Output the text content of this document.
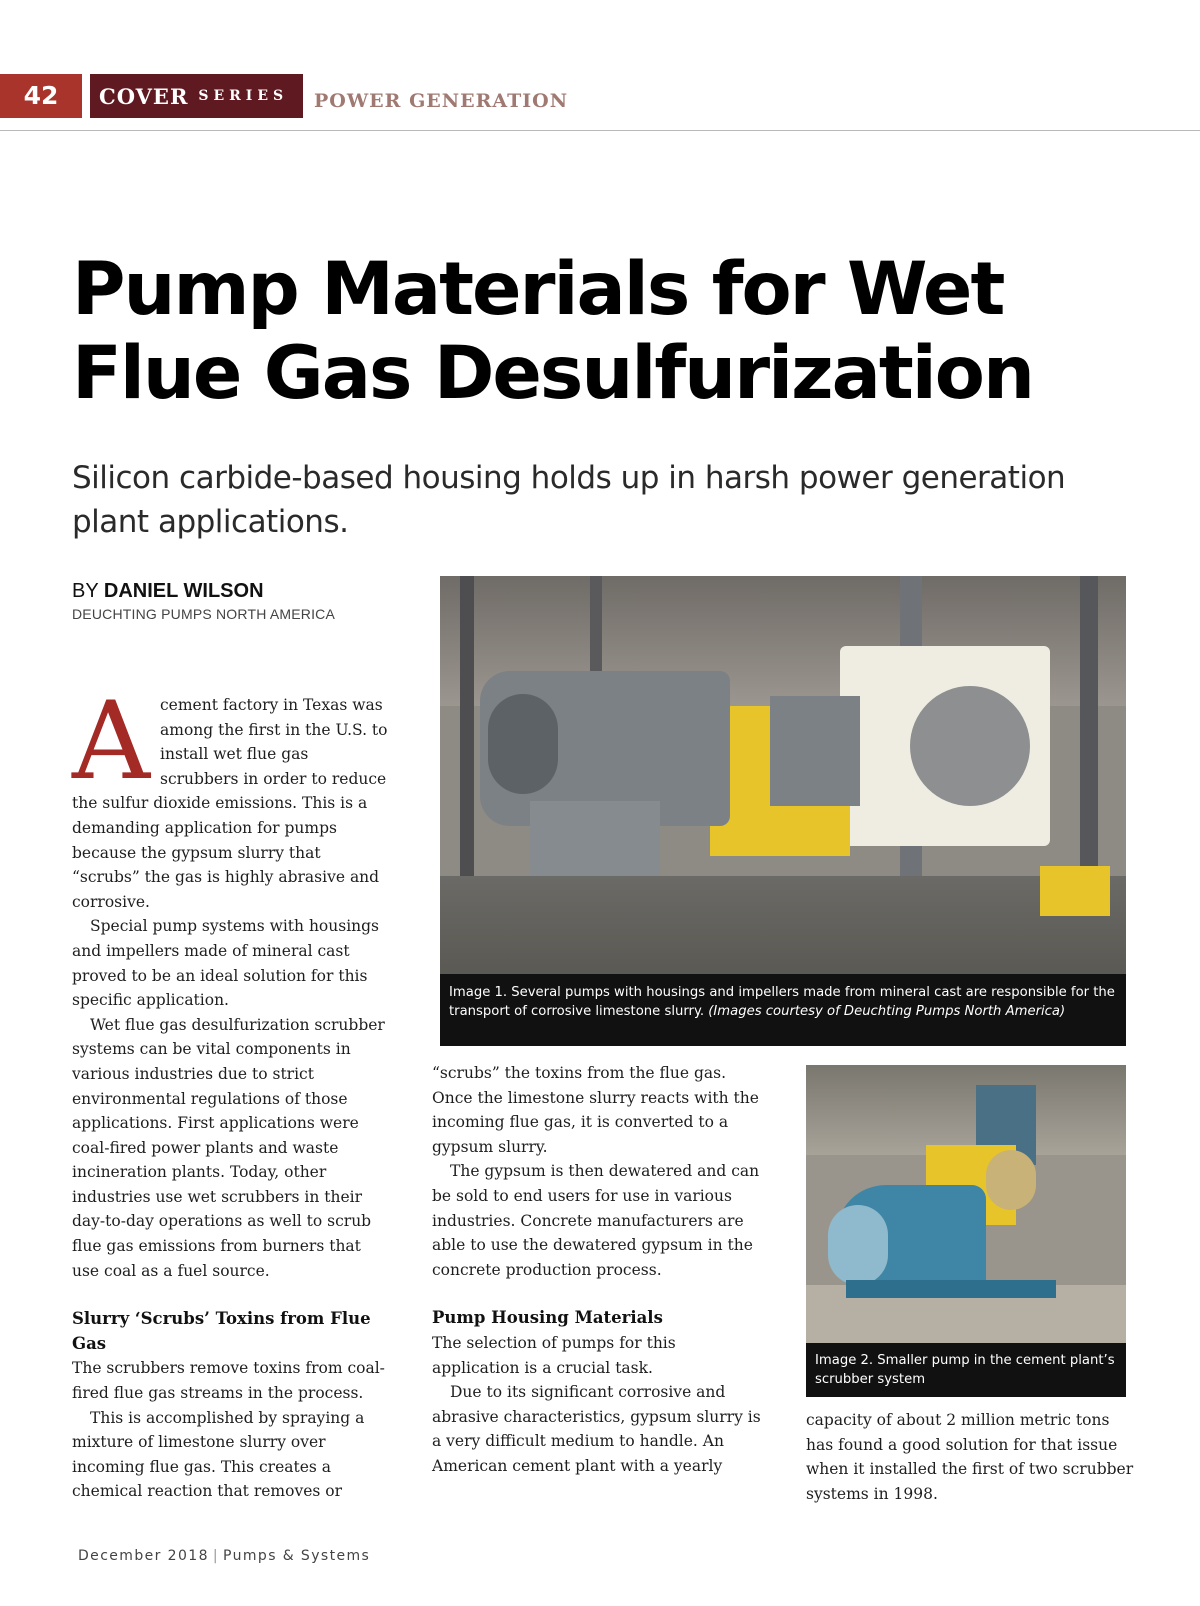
42	COVER SERIES POWER GENERATION
Pump Materials for Wet Flue Gas Desulfurization

Silicon carbide-based housing holds up in harsh power generation plant applications.

BY DANIEL WILSON
DEUCHTING PUMPS NORTH AMERICA

Acement factory in Texas was among the first in the U.S. to install wet flue gas scrubbers in order to reduce the sulfur dioxide emissions. This is a demanding application for pumps because the gypsum slurry that “scrubs” the gas is highly abrasive and corrosive.

Special pump systems with housings and impellers made of mineral cast proved to be an ideal solution for this specific application.

Wet flue gas desulfurization scrubber systems can be vital components in various industries due to strict environmental regulations of those applications. First applications were coal-fired power plants and waste incineration plants. Today, other industries use wet scrubbers in their day-to-day operations as well to scrub flue gas emissions from burners that use coal as a fuel source.

Slurry ‘Scrubs’ Toxins from Flue Gas

The scrubbers remove toxins from coal-fired flue gas streams in the process.

This is accomplished by spraying a mixture of limestone slurry over incoming flue gas. This creates a chemical reaction that removes or

Image 1. Several pumps with housings and impellers made from mineral cast are responsible for the transport of corrosive limestone slurry. (Images courtesy of Deuchting Pumps North America)

“scrubs” the toxins from the flue gas. Once the limestone slurry reacts with the incoming flue gas, it is converted to a gypsum slurry.

The gypsum is then dewatered and can be sold to end users for use in various industries. Concrete manufacturers are able to use the dewatered gypsum in the concrete production process.

Pump Housing Materials

The selection of pumps for this application is a crucial task.

Due to its significant corrosive and abrasive characteristics, gypsum slurry is a very difficult medium to handle. An American cement plant with a yearly

Image 2. Smaller pump in the cement plant’s scrubber system

capacity of about 2 million metric tons has found a good solution for that issue when it installed the first of two scrubber systems in 1998.

December 2018 | Pumps & Systems
